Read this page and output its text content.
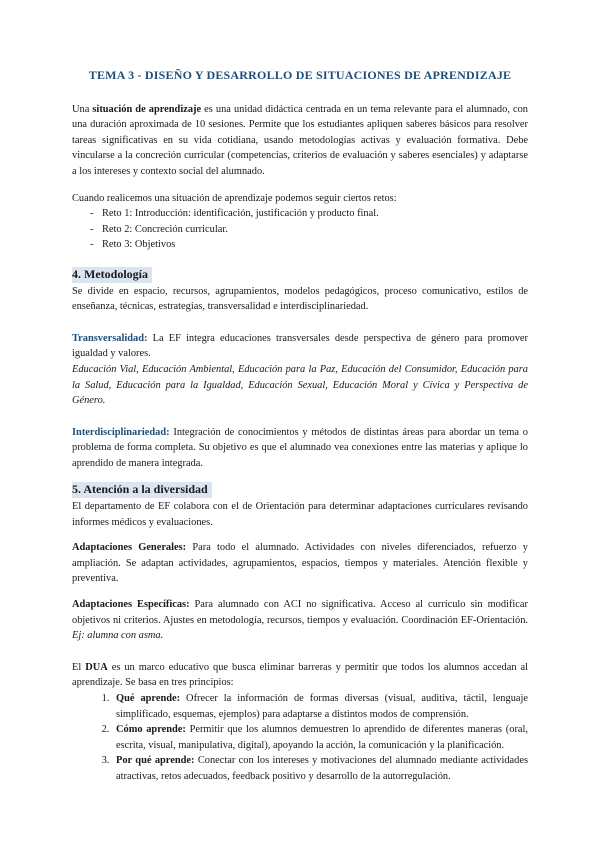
TEMA 3 - DISEÑO Y DESARROLLO DE SITUACIONES DE APRENDIZAJE

Una situación de aprendizaje es una unidad didáctica centrada en un tema relevante para el alumnado, con una duración aproximada de 10 sesiones. Permite que los estudiantes apliquen saberes básicos para resolver tareas significativas en su vida cotidiana, usando metodologías activas y evaluación formativa. Debe vincularse a la concreción curricular (competencias, criterios de evaluación y saberes esenciales) y adaptarse a los intereses y contexto social del alumnado.

Cuando realicemos una situación de aprendizaje podemos seguir ciertos retos:

- Reto 1: Introducción: identificación, justificación y producto final.
- Reto 2: Concreción curricular.
- Reto 3: Objetivos
4. Metodología

Se divide en espacio, recursos, agrupamientos, modelos pedagógicos, proceso comunicativo, estilos de enseñanza, técnicas, estrategias, transversalidad e interdisciplinariedad.

Transversalidad: La EF integra educaciones transversales desde perspectiva de género para promover igualdad y valores.

Educación Vial, Educación Ambiental, Educación para la Paz, Educación del Consumidor, Educación para la Salud, Educación para la Igualdad, Educación Sexual, Educación Moral y Cívica y Perspectiva de Género.

Interdisciplinariedad: Integración de conocimientos y métodos de distintas áreas para abordar un tema o problema de forma completa. Su objetivo es que el alumnado vea conexiones entre las materias y aplique lo aprendido de manera integrada.

5. Atención a la diversidad

El departamento de EF colabora con el de Orientación para determinar adaptaciones curriculares revisando informes médicos y evaluaciones.

Adaptaciones Generales: Para todo el alumnado. Actividades con niveles diferenciados, refuerzo y ampliación. Se adaptan actividades, agrupamientos, espacios, tiempos y materiales. Atención flexible y preventiva.

Adaptaciones Específicas: Para alumnado con ACI no significativa. Acceso al currículo sin modificar objetivos ni criterios. Ajustes en metodología, recursos, tiempos y evaluación. Coordinación EF-Orientación. Ej: alumna con asma.

El DUA es un marco educativo que busca eliminar barreras y permitir que todos los alumnos accedan al aprendizaje. Se basa en tres principios:

1. Qué aprende: Ofrecer la información de formas diversas (visual, auditiva, táctil, lenguaje simplificado, esquemas, ejemplos) para adaptarse a distintos modos de comprensión.
2. Cómo aprende: Permitir que los alumnos demuestren lo aprendido de diferentes maneras (oral, escrita, visual, manipulativa, digital), apoyando la acción, la comunicación y la planificación.
3. Por qué aprende: Conectar con los intereses y motivaciones del alumnado mediante actividades atractivas, retos adecuados, feedback positivo y desarrollo de la autorregulación.
